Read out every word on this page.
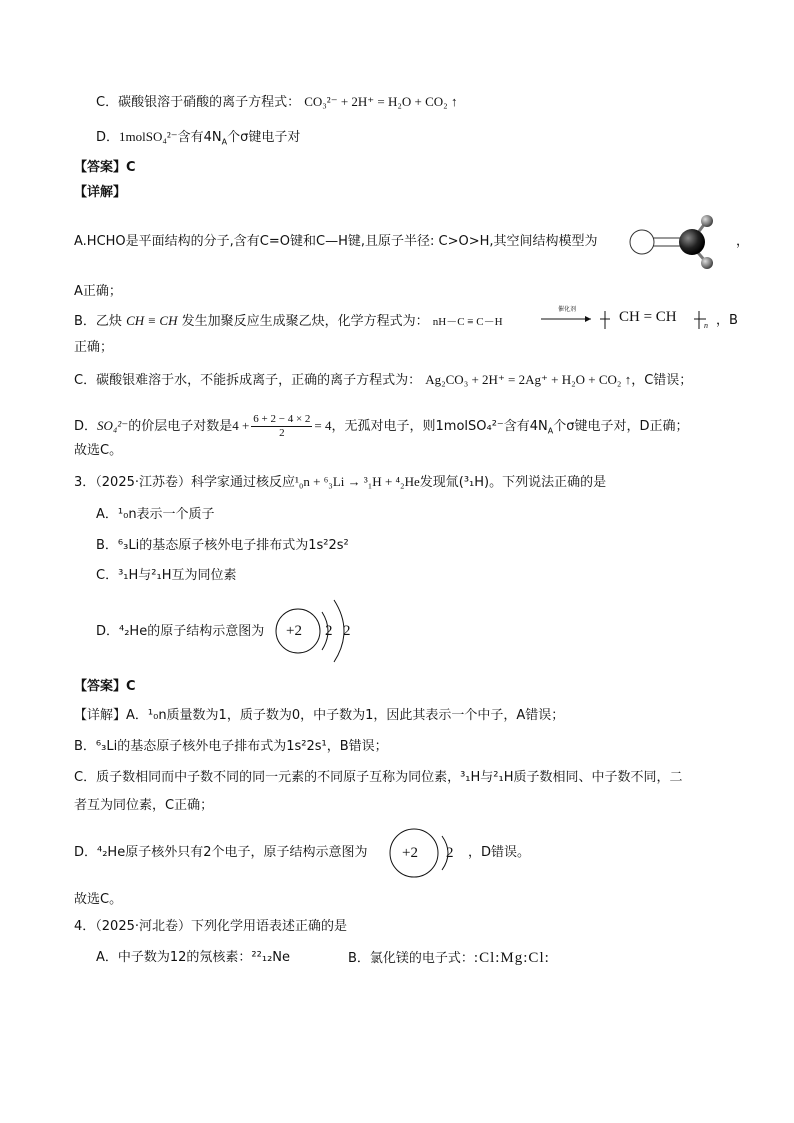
C．碳酸银溶于硝酸的离子方程式： CO₃²⁻ + 2H⁺ = H₂O + CO₂ ↑
D．1molSO₄²⁻含有$4N_A$个σ键电子对
【答案】C
【详解】
A.HCHO是平面结构的分子,含有C=O键和C—H键,且原子半径: C>O>H,其空间结构模型为	，
A正确；
B．乙炔 CH ≡ CH 发生加聚反应生成聚乙炔，化学方程式为： nH－C ≡ C－H
催化剂	CH = CH
n ，B
正确；
C．碳酸银难溶于水，不能拆成离子，正确的离子方程式为： Ag₂CO₃ + 2H⁺ = 2Ag⁺ + H₂O + CO₂ ↑，C错误；
D．SO₄²⁻的价层电子对数是$4 + \frac{6 + 2 - 4 \times 2}{2} = 4$，无孤对电子，则1molSO₄²⁻含有$4N_A$个σ键电子对，D正确；
故选C。
3．（2025·江苏卷）科学家通过核反应¹₀n + ⁶₃Li → ³₁H + ⁴₂He发现氚(³₁H)。下列说法正确的是
A．¹₀n表示一个质子
B．⁶₃Li的基态原子核外电子排布式为1s²2s²
C．³₁H与²₁H互为同位素
D．⁴₂He的原子结构示意图为 +2 2 2
【答案】C
【详解】A．¹₀n质量数为1，质子数为0，中子数为1，因此其表示一个中子，A错误；
B．⁶₃Li的基态原子核外电子排布式为1s²2s¹，B错误；
C．质子数相同而中子数不同的同一元素的不同原子互称为同位素，³₁H与²₁H质子数相同、中子数不同，二
者互为同位素，C正确；
D．⁴₂He原子核外只有2个电子，原子结构示意图为 +2 2 ，D错误。
故选C。
4．（2025·河北卷）下列化学用语表述正确的是
A．中子数为12的氖核素：²²₁₂Ne	B．氯化镁的电子式：:Cl:Mg:Cl:
